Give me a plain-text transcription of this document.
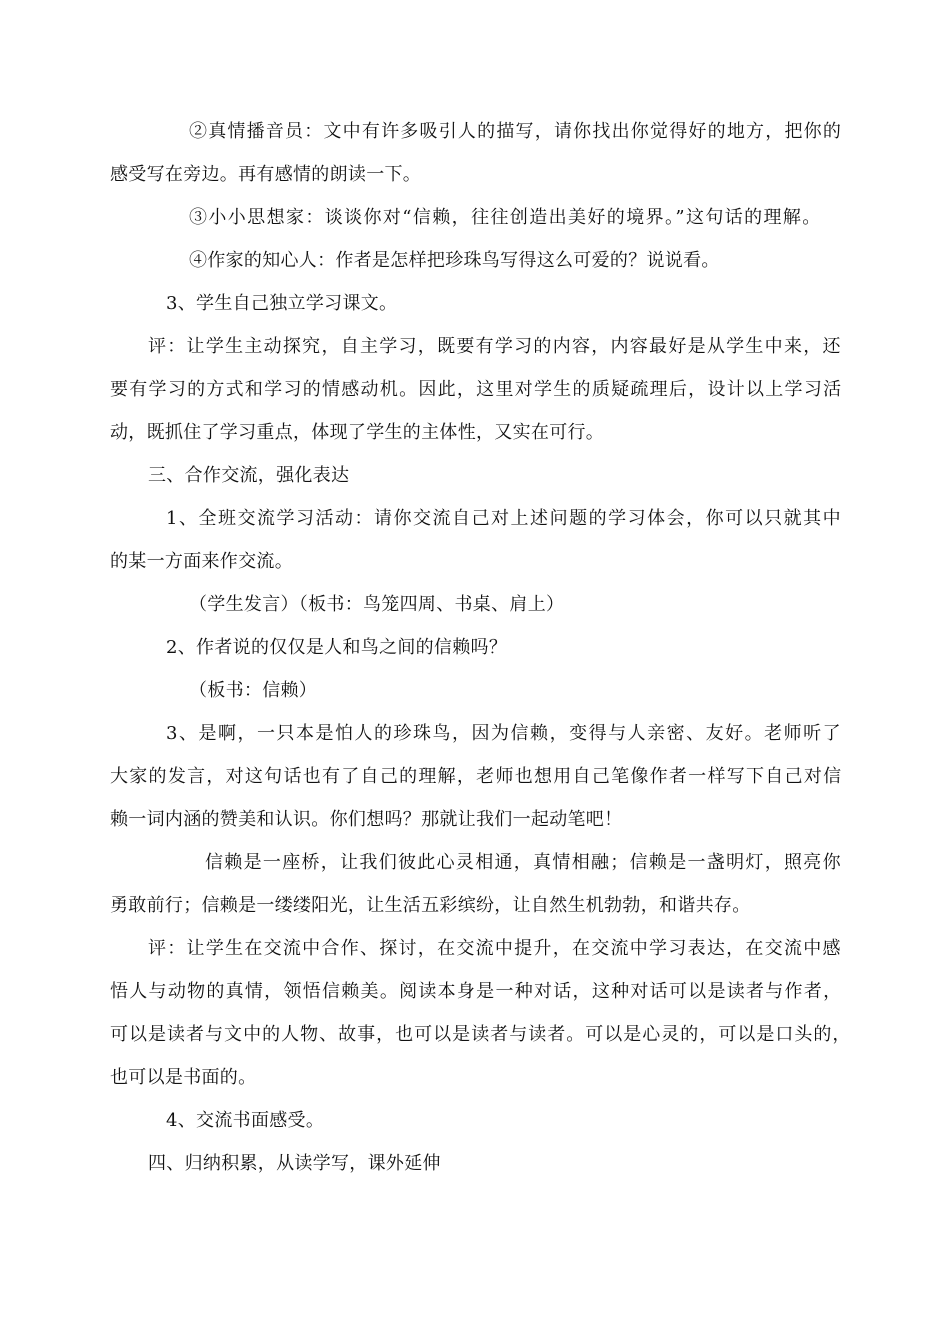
②真情播音员：文中有许多吸引人的描写，请你找出你觉得好的地方，把你的
感受写在旁边。再有感情的朗读一下。
③小小思想家：谈谈你对“信赖，往往创造出美好的境界。”这句话的理解。
④作家的知心人：作者是怎样把珍珠鸟写得这么可爱的？说说看。
3、学生自己独立学习课文。
评：让学生主动探究，自主学习，既要有学习的内容，内容最好是从学生中来，还
要有学习的方式和学习的情感动机。因此，这里对学生的质疑疏理后，设计以上学习活
动，既抓住了学习重点，体现了学生的主体性，又实在可行。
三、合作交流，强化表达
1、全班交流学习活动：请你交流自己对上述问题的学习体会，你可以只就其中
的某一方面来作交流。
（学生发言）（板书：鸟笼四周、书桌、肩上）
2、作者说的仅仅是人和鸟之间的信赖吗？
（板书：信赖）
3、是啊，一只本是怕人的珍珠鸟，因为信赖，变得与人亲密、友好。老师听了
大家的发言，对这句话也有了自己的理解，老师也想用自己笔像作者一样写下自己对信
赖一词内涵的赞美和认识。你们想吗？那就让我们一起动笔吧！
信赖是一座桥，让我们彼此心灵相通，真情相融；信赖是一盏明灯，照亮你
勇敢前行；信赖是一缕缕阳光，让生活五彩缤纷，让自然生机勃勃，和谐共存。
评：让学生在交流中合作、探讨，在交流中提升，在交流中学习表达，在交流中感
悟人与动物的真情，领悟信赖美。阅读本身是一种对话，这种对话可以是读者与作者，
可以是读者与文中的人物、故事，也可以是读者与读者。可以是心灵的，可以是口头的，
也可以是书面的。
4、交流书面感受。
四、归纳积累，从读学写，课外延伸
